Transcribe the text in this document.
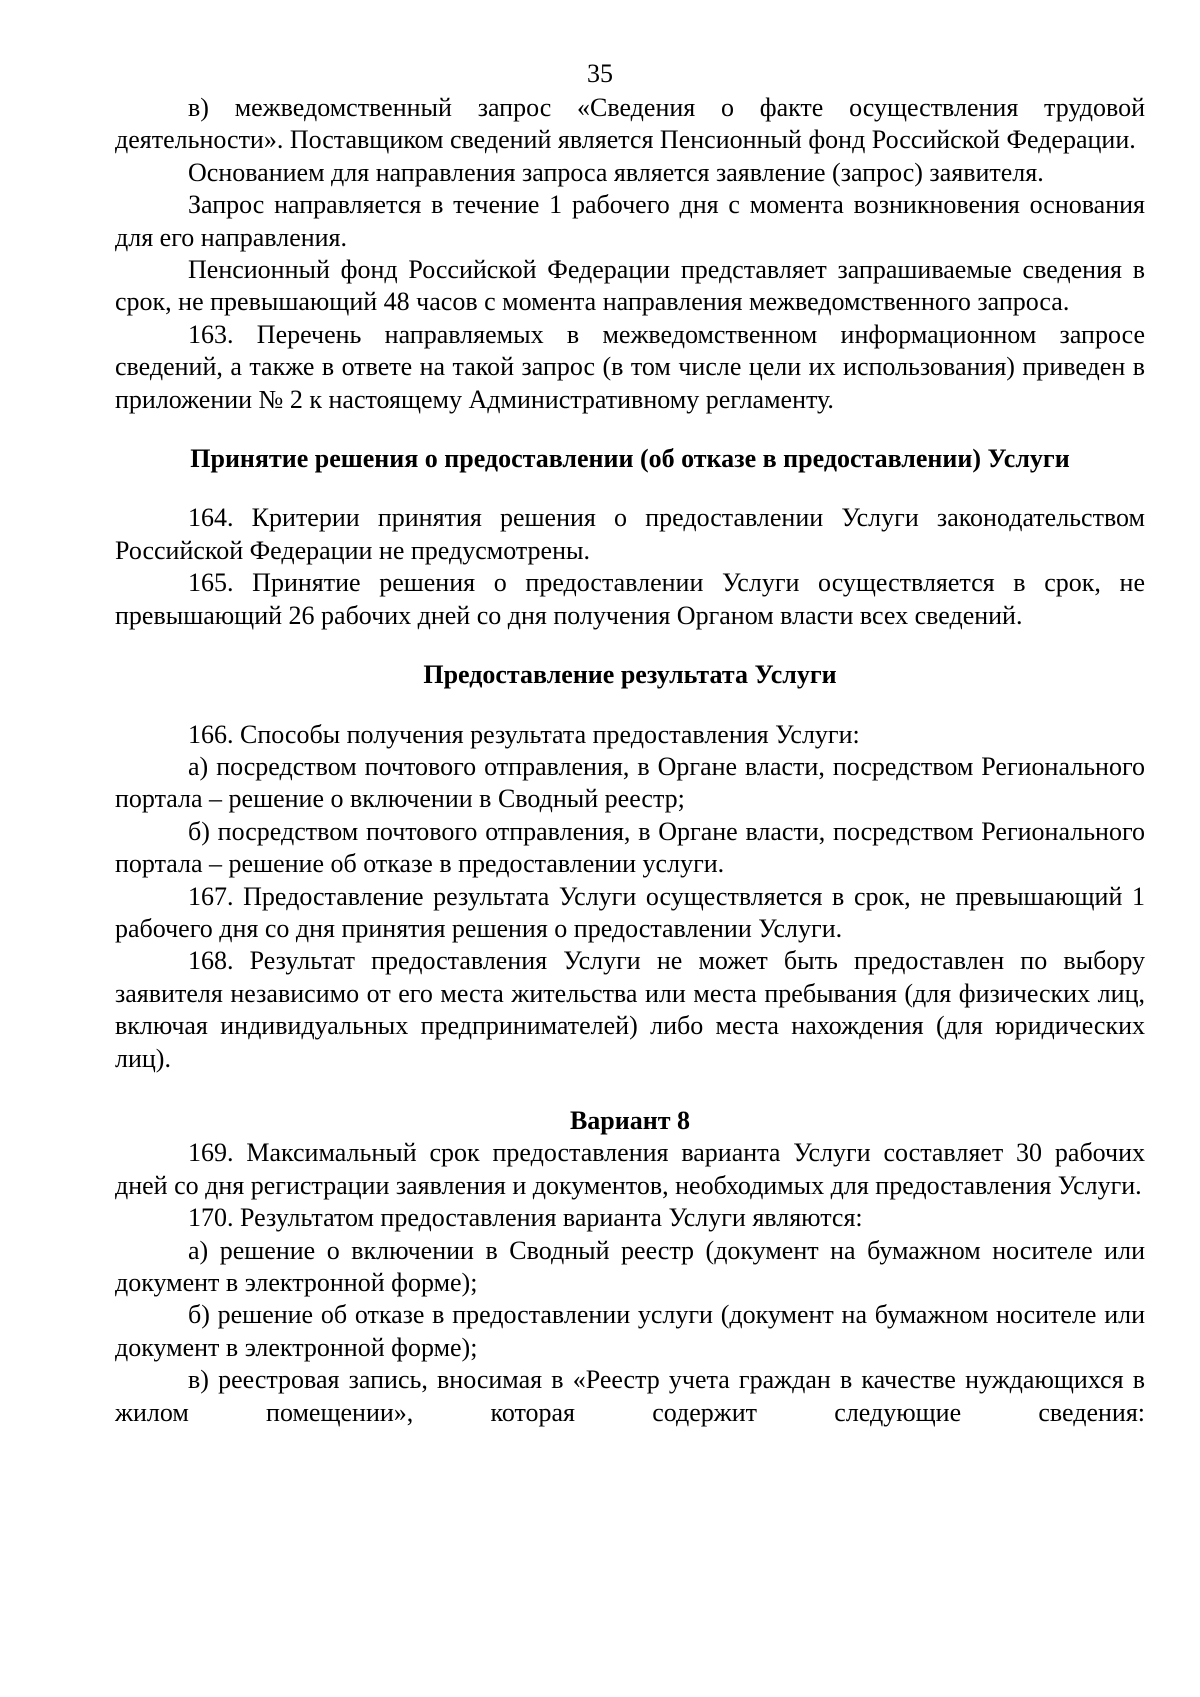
35

в) межведомственный запрос «Сведения о факте осуществления трудовой деятельности». Поставщиком сведений является Пенсионный фонд Российской Федерации.

Основанием для направления запроса является заявление (запрос) заявителя.

Запрос направляется в течение 1 рабочего дня с момента возникновения основания для его направления.

Пенсионный фонд Российской Федерации представляет запрашиваемые сведения в срок, не превышающий 48 часов с момента направления межведомственного запроса.

163. Перечень направляемых в межведомственном информационном запросе сведений, а также в ответе на такой запрос (в том числе цели их использования) приведен в приложении № 2 к настоящему Административному регламенту.

Принятие решения о предоставлении (об отказе в предоставлении) Услуги

164. Критерии принятия решения о предоставлении Услуги законодательством Российской Федерации не предусмотрены.

165. Принятие решения о предоставлении Услуги осуществляется в срок, не превышающий 26 рабочих дней со дня получения Органом власти всех сведений.

Предоставление результата Услуги

166. Способы получения результата предоставления Услуги:

а) посредством почтового отправления, в Органе власти, посредством Регионального портала – решение о включении в Сводный реестр;

б) посредством почтового отправления, в Органе власти, посредством Регионального портала – решение об отказе в предоставлении услуги.

167. Предоставление результата Услуги осуществляется в срок, не превышающий 1 рабочего дня со дня принятия решения о предоставлении Услуги.

168. Результат предоставления Услуги не может быть предоставлен по выбору заявителя независимо от его места жительства или места пребывания (для физических лиц, включая индивидуальных предпринимателей) либо места нахождения (для юридических лиц).

Вариант 8

169. Максимальный срок предоставления варианта Услуги составляет 30 рабочих дней со дня регистрации заявления и документов, необходимых для предоставления Услуги.

170. Результатом предоставления варианта Услуги являются:

а) решение о включении в Сводный реестр (документ на бумажном носителе или документ в электронной форме);

б) решение об отказе в предоставлении услуги (документ на бумажном носителе или документ в электронной форме);

в) реестровая запись, вносимая в «Реестр учета граждан в качестве нуждающихся в жилом помещении», которая содержит следующие сведения:
